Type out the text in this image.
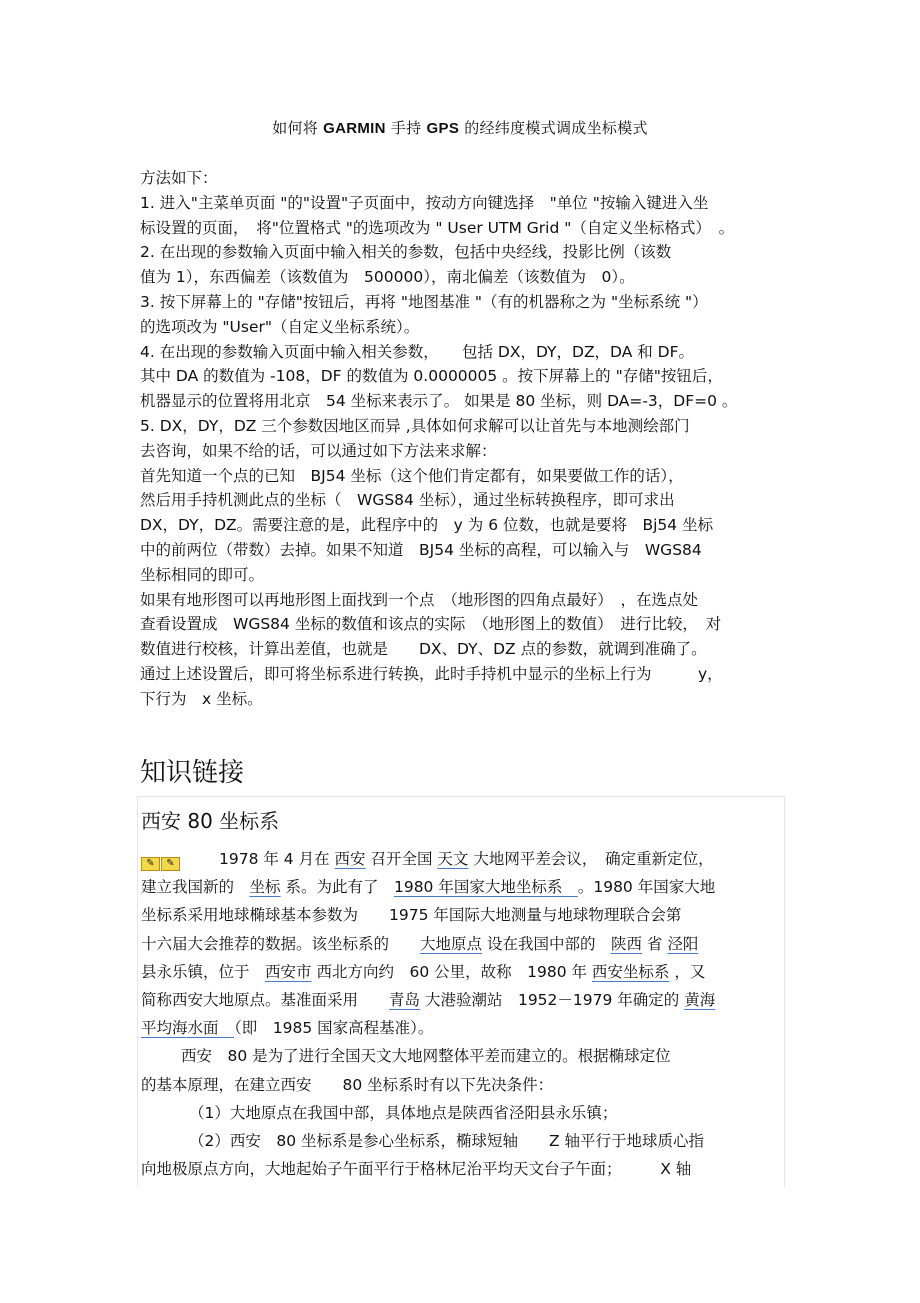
如何将 GARMIN 手持 GPS 的经纬度模式调成坐标模式
方法如下：
1. 进入"主菜单页面 "的"设置"子页面中，按动方向键选择　"单位 "按输入键进入坐
标设置的页面，　将"位置格式 "的选项改为 " User UTM Grid "（自定义坐标格式）　。
2. 在出现的参数输入页面中输入相关的参数，包括中央经线，投影比例（该数
值为 1），东西偏差（该数值为　500000），南北偏差（该数值为　0）。
3. 按下屏幕上的 "存储"按钮后，再将 "地图基准 "（有的机器称之为 "坐标系统 "）
的选项改为 "User"（自定义坐标系统）。
4. 在出现的参数输入页面中输入相关参数，　　包括 DX，DY，DZ，DA 和 DF。
其中 DA 的数值为 -108，DF 的数值为 0.0000005 。按下屏幕上的 "存储"按钮后，
机器显示的位置将用北京　54 坐标来表示了。 如果是 80 坐标，则 DA=-3，DF=0 。
5. DX，DY，DZ 三个参数因地区而异 ,具体如何求解可以让首先与本地测绘部门
去咨询，如果不给的话，可以通过如下方法来求解：
首先知道一个点的已知　BJ54 坐标（这个他们肯定都有，如果要做工作的话），
然后用手持机测此点的坐标（　WGS84 坐标），通过坐标转换程序，即可求出
DX，DY，DZ。需要注意的是，此程序中的　y 为 6 位数，也就是要将　Bj54 坐标
中的前两位（带数）去掉。如果不知道　BJ54 坐标的高程，可以输入与　WGS84
坐标相同的即可。
如果有地形图可以再地形图上面找到一个点　（地形图的四角点最好）　，在选点处
查看设置成　WGS84 坐标的数值和该点的实际　（地形图上的数值）　进行比较，　对
数值进行校核，计算出差值，也就是　　DX、DY、DZ 点的参数，就调到准确了。
通过上述设置后，即可将坐标系进行转换，此时手持机中显示的坐标上行为　　　y，
下行为　x 坐标。
知识链接
西安 80 坐标系
✎ ✎	1978 年 4 月在 西安 召开全国 天文 大地网平差会议，　确定重新定位，
建立我国新的　坐标 系。为此有了　1980 年国家大地坐标系　。1980 年国家大地
坐标系采用地球椭球基本参数为　　1975 年国际大地测量与地球物理联合会第
十六届大会推荐的数据。该坐标系的　　大地原点 设在我国中部的　陕西 省 泾阳
县永乐镇，位于　西安市 西北方向约　60 公里，故称　1980 年 西安坐标系 ，又
简称西安大地原点。基准面采用　　青岛 大港验潮站　1952－1979 年确定的 黄海
平均海水面　（即　1985 国家高程基准）。
西安　80 是为了进行全国天文大地网整体平差而建立的。根据椭球定位
的基本原理，在建立西安　　80 坐标系时有以下先决条件：
（1）大地原点在我国中部，具体地点是陕西省泾阳县永乐镇；
（2）西安　80 坐标系是参心坐标系，椭球短轴　　Z 轴平行于地球质心指
向地极原点方向，大地起始子午面平行于格林尼治平均天文台子午面；　　　X 轴
